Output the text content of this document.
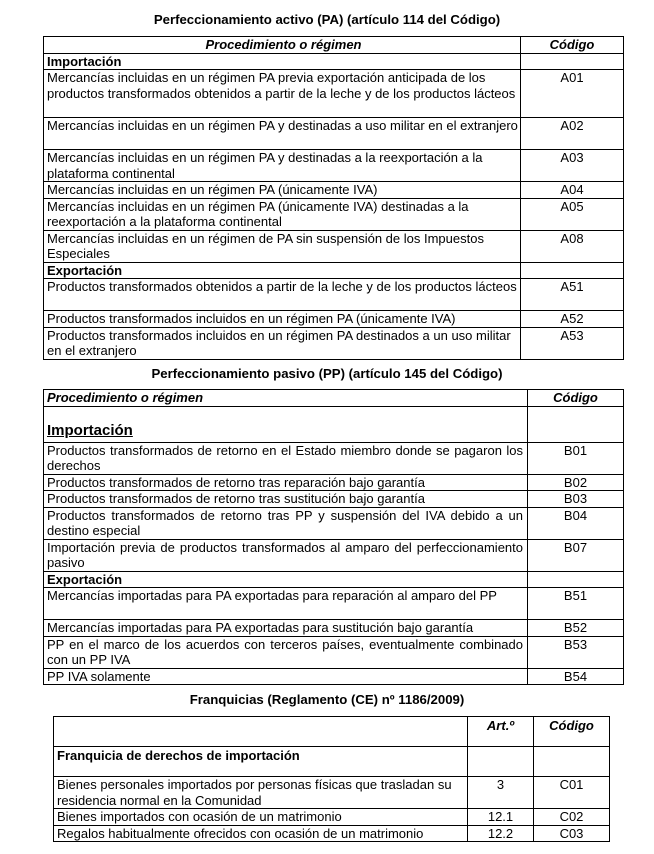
Perfeccionamiento activo (PA) (artículo 114 del Código)
Procedimiento o régimen	Código
Importación	
Mercancías incluidas en un régimen PA previa exportación anticipada de los productos transformados obtenidos a partir de la leche y de los productos lácteos	A01
Mercancías incluidas en un régimen PA y destinadas a uso militar en el extranjero	A02
Mercancías incluidas en un régimen PA y destinadas a la reexportación a la plataforma continental	A03
Mercancías incluidas en un régimen PA (únicamente IVA)	A04
Mercancías incluidas en un régimen PA (únicamente IVA) destinadas a la reexportación a la plataforma continental	A05
Mercancías incluidas en un régimen de PA sin suspensión de los Impuestos Especiales	A08
Exportación	
Productos transformados obtenidos a partir de la leche y de los productos lácteos	A51
Productos transformados incluidos en un régimen PA (únicamente IVA)	A52
Productos transformados incluidos en un régimen PA destinados a un uso militar en el extranjero	A53
Perfeccionamiento pasivo (PP) (artículo 145 del Código)
Procedimiento o régimen	Código
Importación	
Productos transformados de retorno en el Estado miembro donde se pagaron los derechos	B01
Productos transformados de retorno tras reparación bajo garantía	B02
Productos transformados de retorno tras sustitución bajo garantía	B03
Productos transformados de retorno tras PP y suspensión del IVA debido a un destino especial	B04
Importación previa de productos transformados al amparo del perfeccionamiento pasivo	B07
Exportación	
Mercancías importadas para PA exportadas para reparación al amparo del PP	B51
Mercancías importadas para PA exportadas para sustitución bajo garantía	B52
PP en el marco de los acuerdos con terceros países, eventualmente combinado con un PP IVA	B53
PP IVA solamente	B54
Franquicias (Reglamento (CE) nº 1186/2009)
	Art.º	Código
Franquicia de derechos de importación		
Bienes personales importados por personas físicas que trasladan su residencia normal en la Comunidad	3	C01
Bienes importados con ocasión de un matrimonio	12.1	C02
Regalos habitualmente ofrecidos con ocasión de un matrimonio	12.2	C03
